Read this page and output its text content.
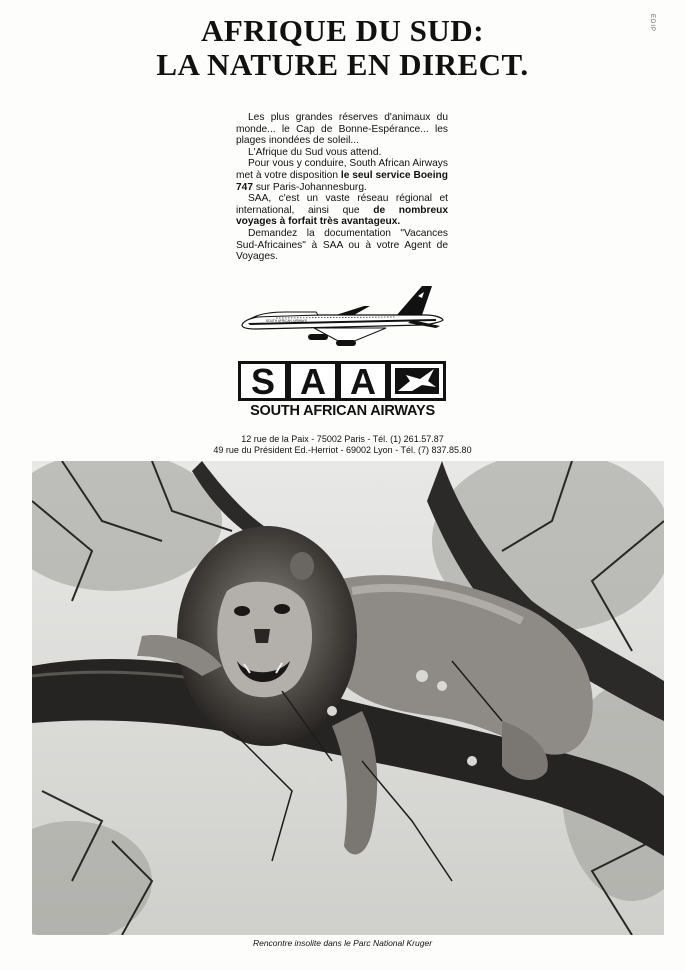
AFRIQUE DU SUD:
LA NATURE EN DIRECT.
EDIP

Les plus grandes réserves d'animaux du monde... le Cap de Bonne-Espérance... les plages inondées de soleil...

L'Afrique du Sud vous attend.

Pour vous y conduire, South African Airways met à votre disposition le seul service Boeing 747 sur Paris-Johannesburg.

SAA, c'est un vaste réseau régional et international, ainsi que de nombreux voyages à forfait très avantageux.

Demandez la documentation "Vacances Sud-Africaines" à SAA ou à votre Agent de Voyages.

SOUTH AFRICAN AIRWAYS
S A A
SOUTH AFRICAN AIRWAYS
12 rue de la Paix - 75002 Paris - Tél. (1) 261.57.87
49 rue du Président Ed.-Herriot - 69002 Lyon - Tél. (7) 837.85.80
Rencontre insolite dans le Parc National Kruger
